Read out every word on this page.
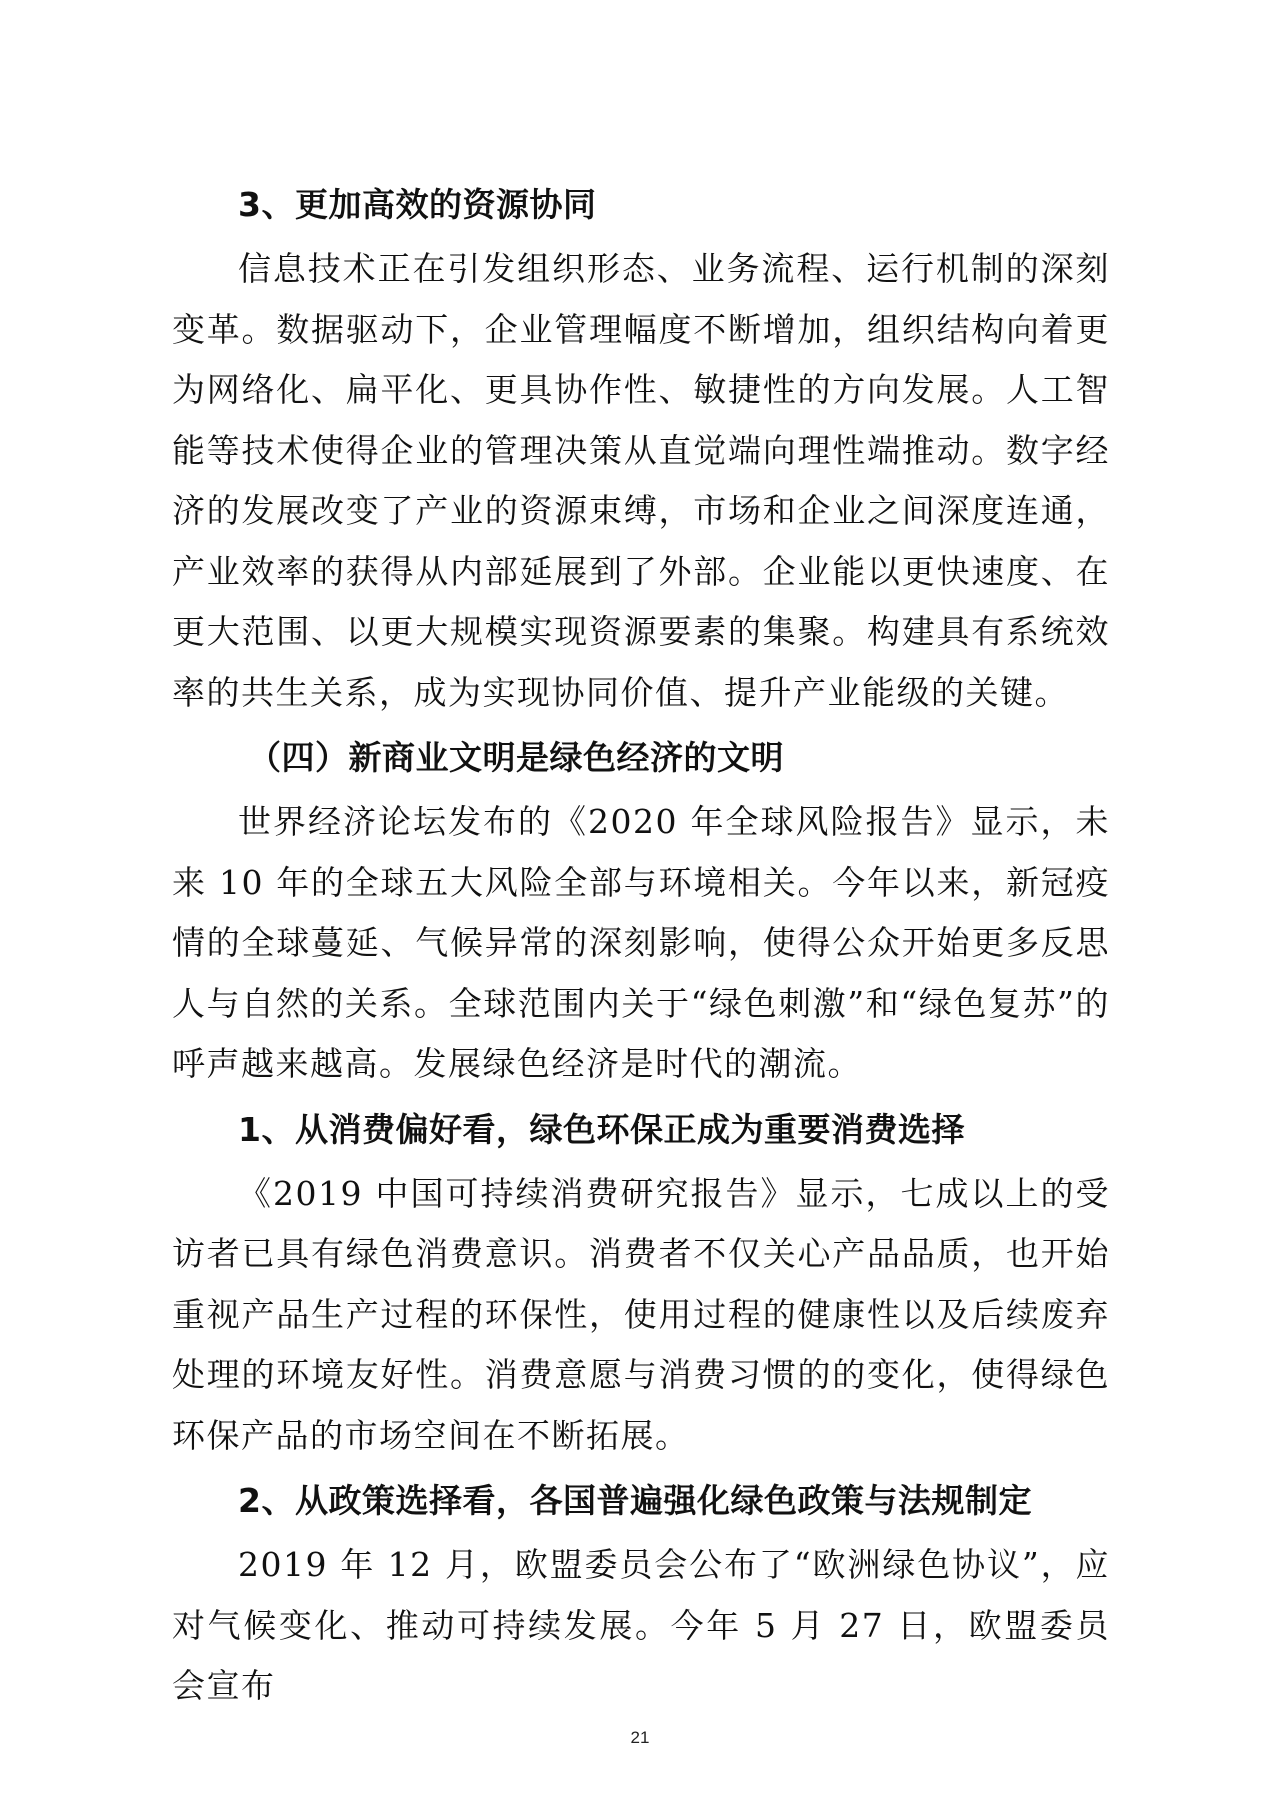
3、更加高效的资源协同

信息技术正在引发组织形态、业务流程、运行机制的深刻变革。数据驱动下，企业管理幅度不断增加，组织结构向着更为网络化、扁平化、更具协作性、敏捷性的方向发展。人工智能等技术使得企业的管理决策从直觉端向理性端推动。数字经济的发展改变了产业的资源束缚，市场和企业之间深度连通，产业效率的获得从内部延展到了外部。企业能以更快速度、在更大范围、以更大规模实现资源要素的集聚。构建具有系统效率的共生关系，成为实现协同价值、提升产业能级的关键。

（四）新商业文明是绿色经济的文明

世界经济论坛发布的《2020 年全球风险报告》显示，未来 10 年的全球五大风险全部与环境相关。今年以来，新冠疫情的全球蔓延、气候异常的深刻影响，使得公众开始更多反思人与自然的关系。全球范围内关于“绿色刺激”和“绿色复苏”的呼声越来越高。发展绿色经济是时代的潮流。

1、从消费偏好看，绿色环保正成为重要消费选择

《2019 中国可持续消费研究报告》显示，七成以上的受访者已具有绿色消费意识。消费者不仅关心产品品质，也开始重视产品生产过程的环保性，使用过程的健康性以及后续废弃处理的环境友好性。消费意愿与消费习惯的的变化，使得绿色环保产品的市场空间在不断拓展。

2、从政策选择看，各国普遍强化绿色政策与法规制定

2019 年 12 月，欧盟委员会公布了“欧洲绿色协议”，应对气候变化、推动可持续发展。今年 5 月 27 日，欧盟委员会宣布

21
